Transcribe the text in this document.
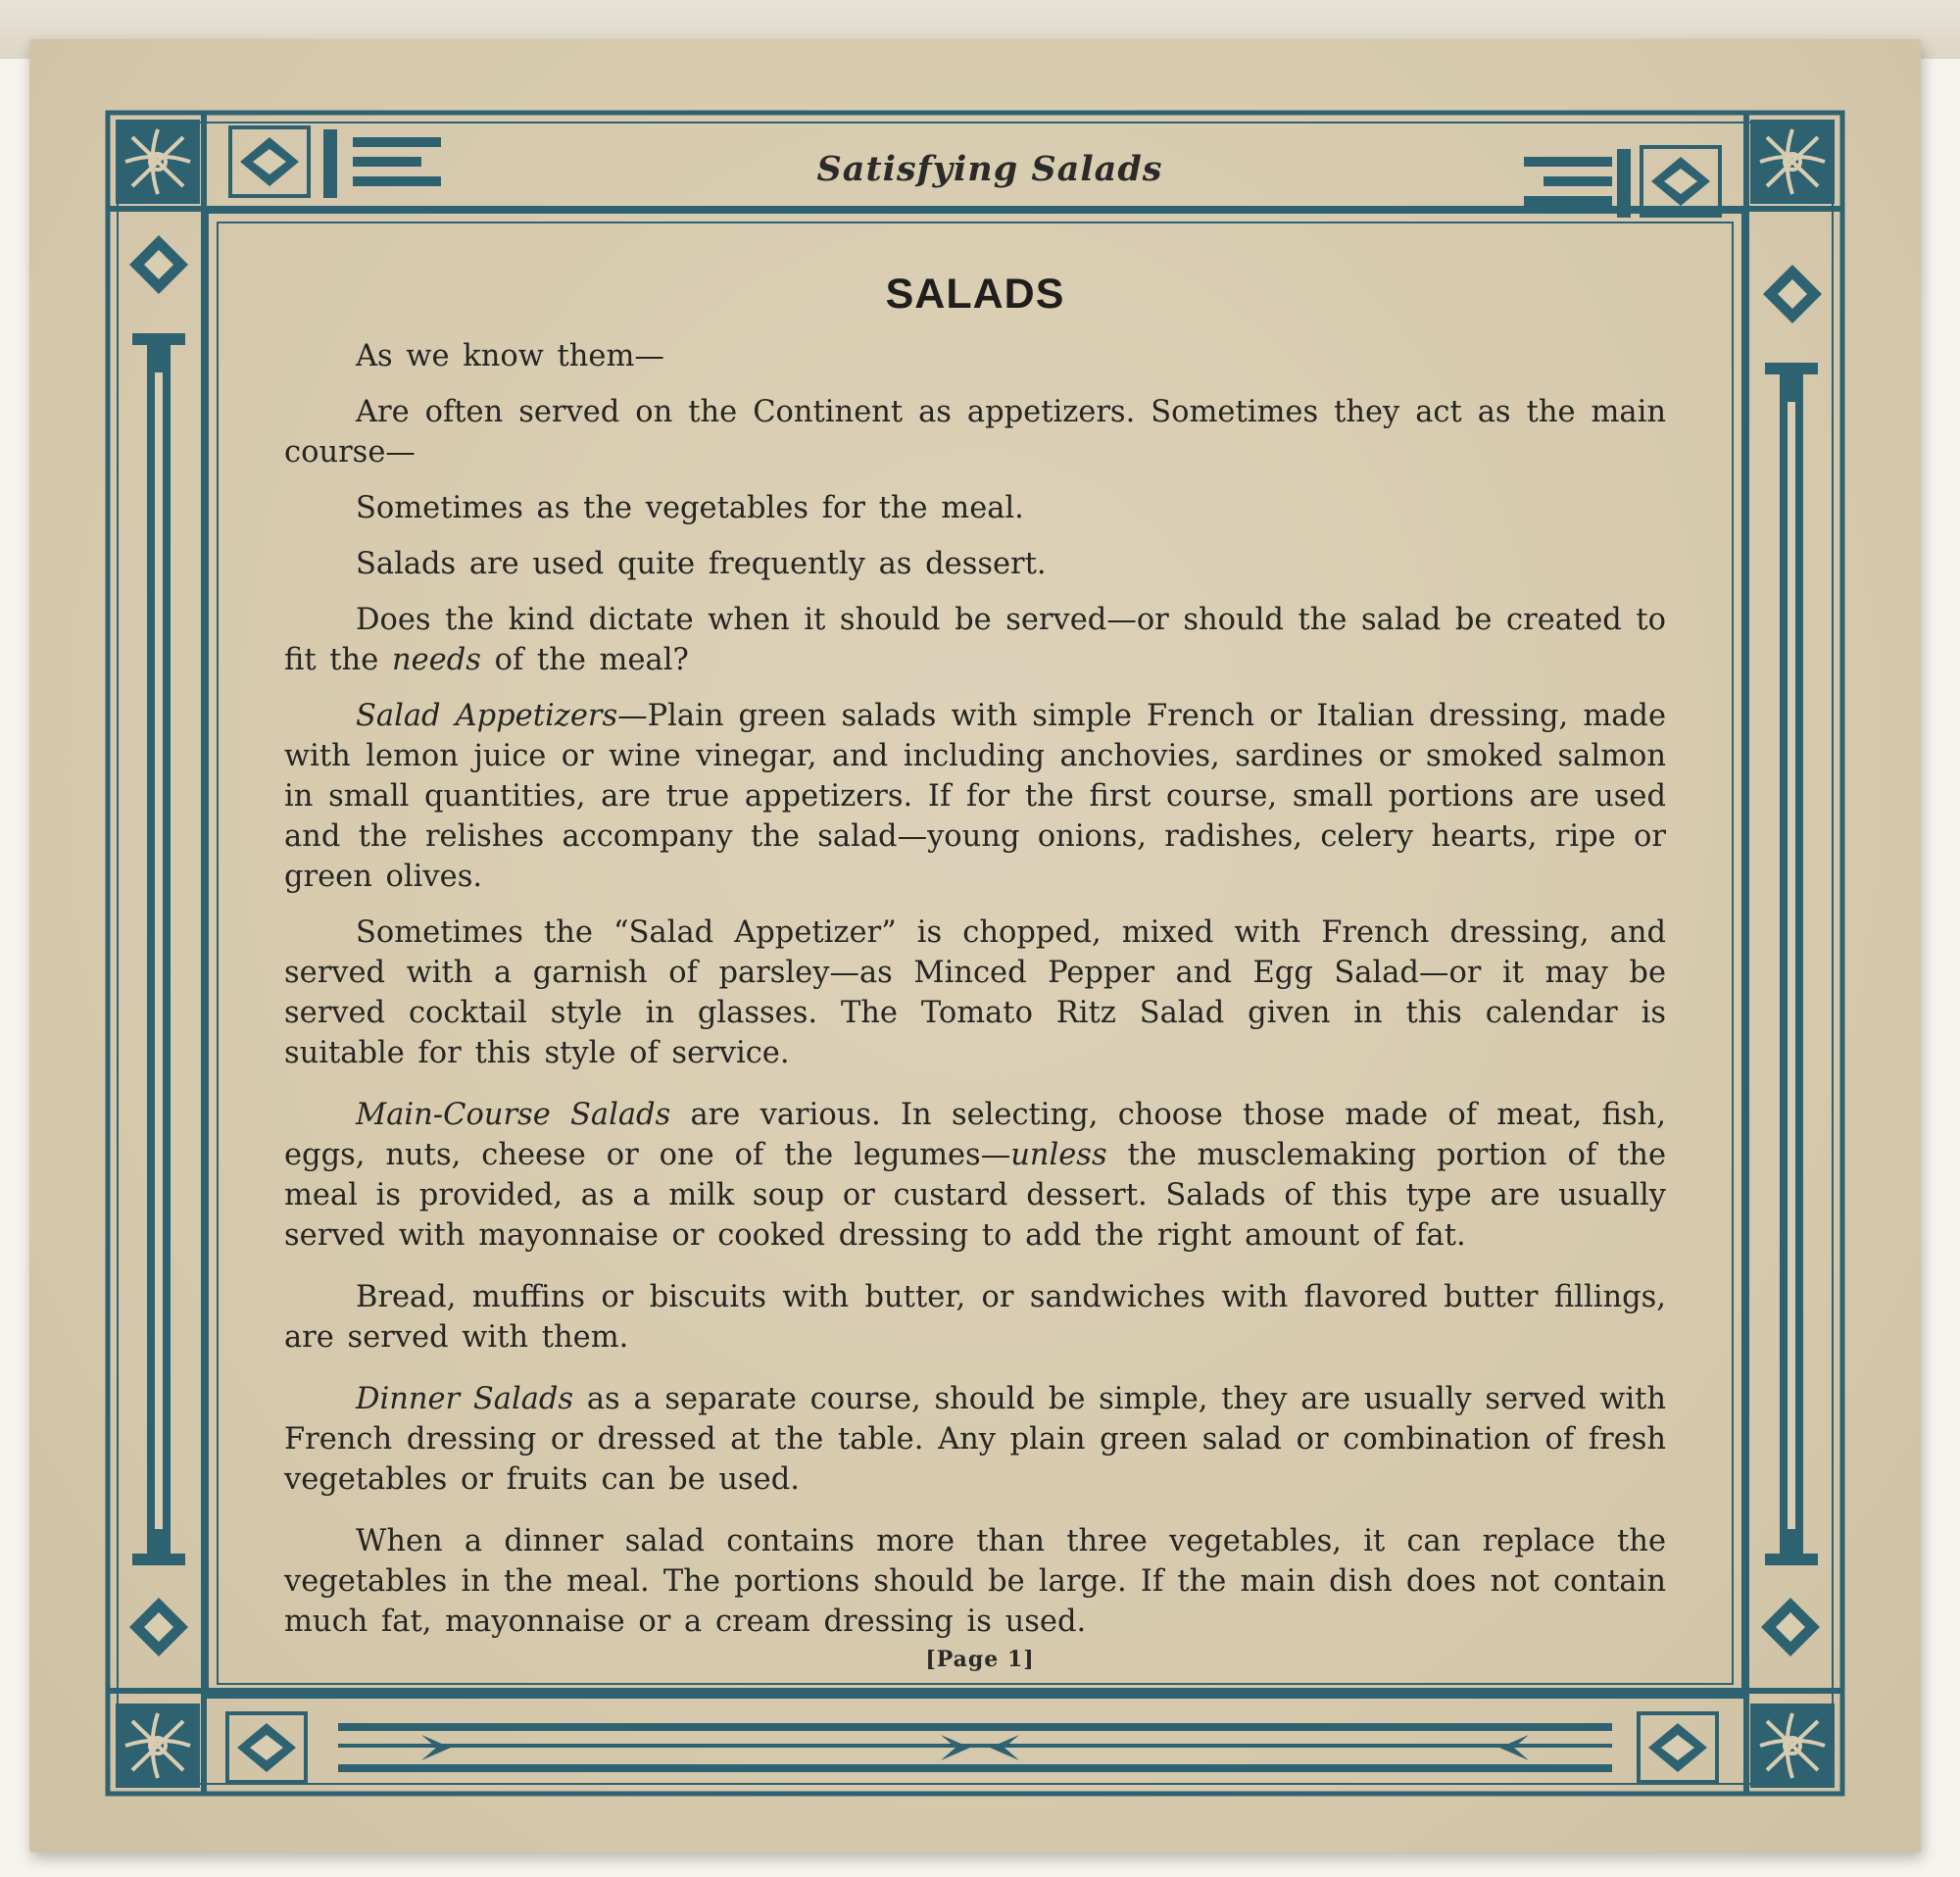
Satisfying Salads
SALADS

As we know them—

Are often served on the Continent as appetizers. Sometimes they act as the main course—

Sometimes as the vegetables for the meal.

Salads are used quite frequently as dessert.

Does the kind dictate when it should be served—or should the salad be created to fit the needs of the meal?

Salad Appetizers—Plain green salads with simple French or Italian dressing, made with lemon juice or wine vinegar, and including anchovies, sardines or smoked salmon in small quantities, are true appetizers. If for the first course, small portions are used and the relishes accompany the salad—young onions, radishes, celery hearts, ripe or green olives.

Sometimes the “Salad Appetizer” is chopped, mixed with French dressing, and served with a garnish of parsley—as Minced Pepper and Egg Salad—or it may be served cocktail style in glasses. The Tomato Ritz Salad given in this calendar is suitable for this style of service.

Main-Course Salads are various. In selecting, choose those made of meat, fish, eggs, nuts, cheese or one of the legumes—unless the musclemaking portion of the meal is provided, as a milk soup or custard dessert. Salads of this type are usually served with mayonnaise or cooked dressing to add the right amount of fat.

Bread, muffins or biscuits with butter, or sandwiches with flavored butter fillings, are served with them.

Dinner Salads as a separate course, should be simple, they are usually served with French dressing or dressed at the table. Any plain green salad or combination of fresh vegetables or fruits can be used.

When a dinner salad contains more than three vegetables, it can replace the vegetables in the meal. The portions should be large. If the main dish does not contain much fat, mayonnaise or a cream dressing is used.

[Page 1]
